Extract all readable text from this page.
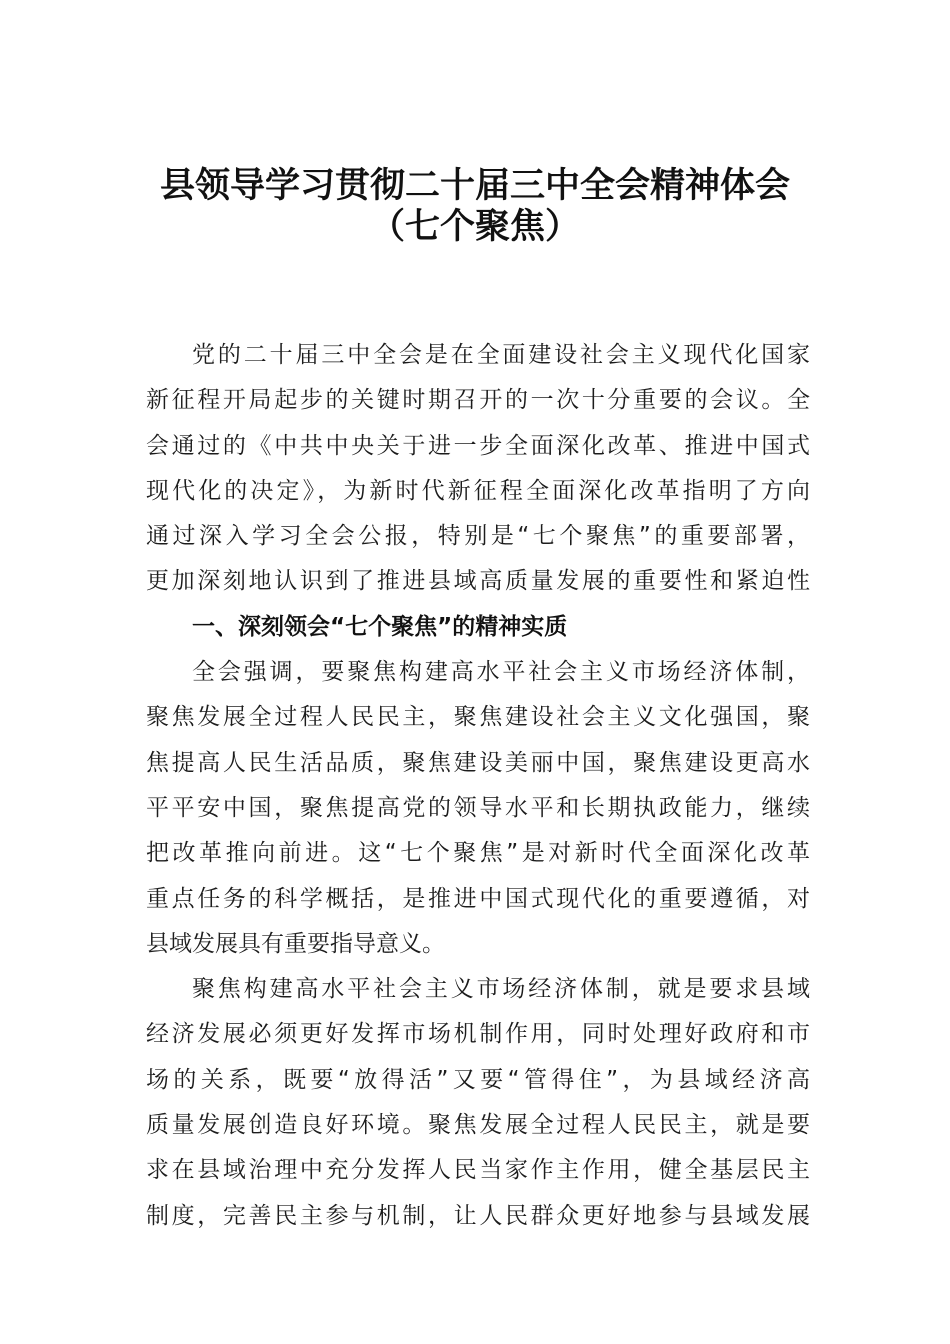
县领导学习贯彻二十届三中全会精神体会
（七个聚焦）
党的二十届三中全会是在全面建设社会主义现代化国家
新征程开局起步的关键时期召开的一次十分重要的会议。全
会通过的《中共中央关于进一步全面深化改革、推进中国式
现代化的决定》，为新时代新征程全面深化改革指明了方向
通过深入学习全会公报，特别是“七个聚焦”的重要部署，
更加深刻地认识到了推进县域高质量发展的重要性和紧迫性
一、深刻领会“七个聚焦”的精神实质
全会强调，要聚焦构建高水平社会主义市场经济体制，
聚焦发展全过程人民民主，聚焦建设社会主义文化强国，聚
焦提高人民生活品质，聚焦建设美丽中国，聚焦建设更高水
平平安中国，聚焦提高党的领导水平和长期执政能力，继续
把改革推向前进。这“七个聚焦”是对新时代全面深化改革
重点任务的科学概括，是推进中国式现代化的重要遵循，对
县域发展具有重要指导意义。
聚焦构建高水平社会主义市场经济体制，就是要求县域
经济发展必须更好发挥市场机制作用，同时处理好政府和市
场的关系，既要“放得活”又要“管得住”，为县域经济高
质量发展创造良好环境。聚焦发展全过程人民民主，就是要
求在县域治理中充分发挥人民当家作主作用，健全基层民主
制度，完善民主参与机制，让人民群众更好地参与县域发展
